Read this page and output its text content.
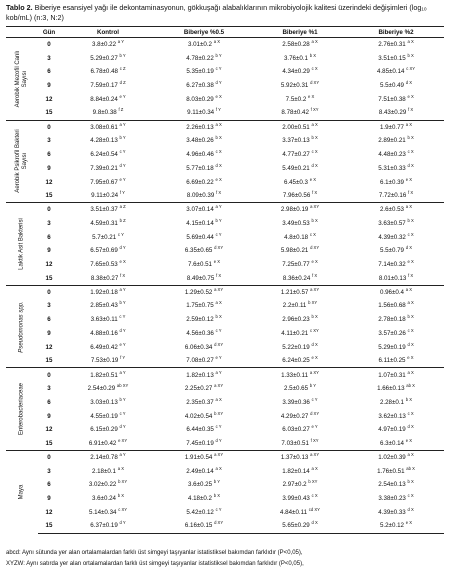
Tablo 2. Biberiye esansiyel yağı ile dekontaminasyonun, gökkuşağı alabalıklarının mikrobiyolojik kalitesi üzerindeki değişimleri (log₁₀ kob/mL) (n:3, N:2)
	Gün	Kontrol	Biberiye %0.5	Biberiye %1	Biberiye %2

Aerobik Mezofil Canlı Sayısı	0	3.8±0.22 $^{a Y}$	3.01±0.2 $^{a X}$	2.58±0.28 $^{a X}$	2.76±0.31 $^{a X}$
	3	5.29±0.27 $^{b Y}$	4.78±0.22 $^{b Y}$	3.76±0.1 $^{b X}$	3.51±0.15 $^{b X}$
	6	6.78±0.48 $^{c Z}$	5.35±0.19 $^{c Y}$	4.34±0.29 $^{c X}$	4.85±0.14 $^{c XY}$
	9	7.59±0.17 $^{d Z}$	6.27±0.38 $^{d Y}$	5.92±0.31 $^{d XY}$	5.5±0.49 $^{d X}$
	12	8.84±0.24 $^{e Y}$	8.03±0.29 $^{e X}$	7.5±0.2 $^{e X}$	7.51±0.38 $^{e X}$
	15	9.8±0.38 $^{f Z}$	9.11±0.34 $^{f Y}$	8.78±0.42 $^{f XY}$	8.43±0.29 $^{f X}$

Aerobik Psikrofil Bakteri Sayısı	0	3.08±0.61 $^{a Y}$	2.26±0.13 $^{a X}$	2.00±0.51 $^{a X}$	1.9±0.77 $^{a X}$
	3	4.28±0.13 $^{b Y}$	3.48±0.26 $^{b X}$	3.37±0.13 $^{b X}$	2.89±0.21 $^{b X}$
	6	6.24±0.54 $^{c Y}$	4.96±0.46 $^{c X}$	4.77±0.27 $^{c X}$	4.48±0.23 $^{c X}$
	9	7.39±0.21 $^{d Y}$	5.77±0.18 $^{d X}$	5.49±0.21 $^{d X}$	5.31±0.33 $^{d X}$
	12	7.95±0.67 $^{e Y}$	6.69±0.22 $^{e X}$	6.45±0.3 $^{e X}$	6.1±0.39 $^{e X}$
	15	9.11±0.24 $^{f Y}$	8.09±0.39 $^{f X}$	7.96±0.56 $^{f X}$	7.72±0.16 $^{f X}$

Laktik Asit Bakterisi	0	3.51±0.37 $^{a Z}$	3.07±0.14 $^{a Y}$	2.98±0.19 $^{a XY}$	2.6±0.53 $^{a X}$
	3	4.59±0.31 $^{b Z}$	4.15±0.14 $^{b Y}$	3.49±0.53 $^{b X}$	3.63±0.57 $^{b X}$
	6	5.7±0.21 $^{c Y}$	5.69±0.44 $^{c Y}$	4.8±0.18 $^{c X}$	4.39±0.32 $^{c X}$
	9	6.57±0.69 $^{d Y}$	6.35±0.65 $^{d XY}$	5.98±0.21 $^{d XY}$	5.5±0.79 $^{d X}$
	12	7.65±0.53 $^{e X}$	7.6±0.51 $^{e X}$	7.25±0.77 $^{e X}$	7.14±0.32 $^{e X}$
	15	8.38±0.27 $^{f X}$	8.49±0.75 $^{f X}$	8.36±0.24 $^{f X}$	8.01±0.13 $^{f X}$

Pseudomonas spp.	0	1.92±0.18 $^{a Y}$	1.29±0.52 $^{a XY}$	1.21±0.57 $^{a XY}$	0.96±0.4 $^{a X}$
	3	2.85±0.43 $^{b Y}$	1.75±0.75 $^{a X}$	2.2±0.11 $^{b XY}$	1.56±0.68 $^{a X}$
	6	3.63±0.11 $^{c Y}$	2.59±0.12 $^{b X}$	2.96±0.23 $^{b X}$	2.78±0.18 $^{b X}$
	9	4.88±0.16 $^{d Y}$	4.56±0.36 $^{c Y}$	4.11±0.21 $^{c XY}$	3.57±0.26 $^{c X}$
	12	6.49±0.42 $^{e Y}$	6.06±0.34 $^{d XY}$	5.22±0.19 $^{d X}$	5.29±0.19 $^{d X}$
	15	7.53±0.19 $^{f Y}$	7.08±0.27 $^{e Y}$	6.24±0.25 $^{e X}$	6.11±0.25 $^{e X}$

Enterobacteriaceae	0	1.82±0.51 $^{a Y}$	1.82±0.13 $^{a Y}$	1.33±0.11 $^{a XY}$	1.07±0.31 $^{a X}$
	3	2.54±0.29 $^{ab XY}$	2.25±0.27 $^{a XY}$	2.5±0.65 $^{b Y}$	1.66±0.13 $^{ab X}$
	6	3.03±0.13 $^{b Y}$	2.35±0.37 $^{a X}$	3.39±0.36 $^{c Y}$	2.28±0.1 $^{b X}$
	9	4.55±0.19 $^{c Y}$	4.02±0.54 $^{b XY}$	4.29±0.27 $^{d XY}$	3.62±0.13 $^{c X}$
	12	6.15±0.29 $^{d Y}$	6.44±0.35 $^{c Y}$	6.03±0.27 $^{e Y}$	4.97±0.19 $^{d X}$
	15	6.91±0.42 $^{e XY}$	7.45±0.19 $^{d Y}$	7.03±0.51 $^{f XY}$	6.3±0.14 $^{e X}$

Maya	0	2.14±0.78 $^{a Y}$	1.91±0.54 $^{a XY}$	1.37±0.13 $^{a XY}$	1.02±0.39 $^{a X}$
	3	2.18±0.1 $^{a X}$	2.49±0.14 $^{a X}$	1.82±0.14 $^{a X}$	1.76±0.51 $^{ab X}$
	6	3.02±0.22 $^{b XY}$	3.6±0.25 $^{b Y}$	2.97±0.2 $^{b XY}$	2.54±0.13 $^{b X}$
	9	3.6±0.24 $^{b X}$	4.18±0.2 $^{b X}$	3.99±0.43 $^{c X}$	3.38±0.23 $^{c X}$
	12	5.14±0.34 $^{c XY}$	5.42±0.12 $^{c Y}$	4.84±0.11 $^{cd XY}$	4.39±0.33 $^{d X}$
	15	6.37±0.19 $^{d Y}$	6.16±0.15 $^{d XY}$	5.65±0.29 $^{d X}$	5.2±0.12 $^{e X}$
abcd: Aynı sütunda yer alan ortalamalardan farklı üst simgeyi taşıyanlar istatistiksel bakımdan farklıdır (P<0,05),
XYZW: Aynı satırda yer alan ortalamalardan farklı üst simgeyi taşıyanlar istatistiksel bakımdan farklıdır (P<0,05),
